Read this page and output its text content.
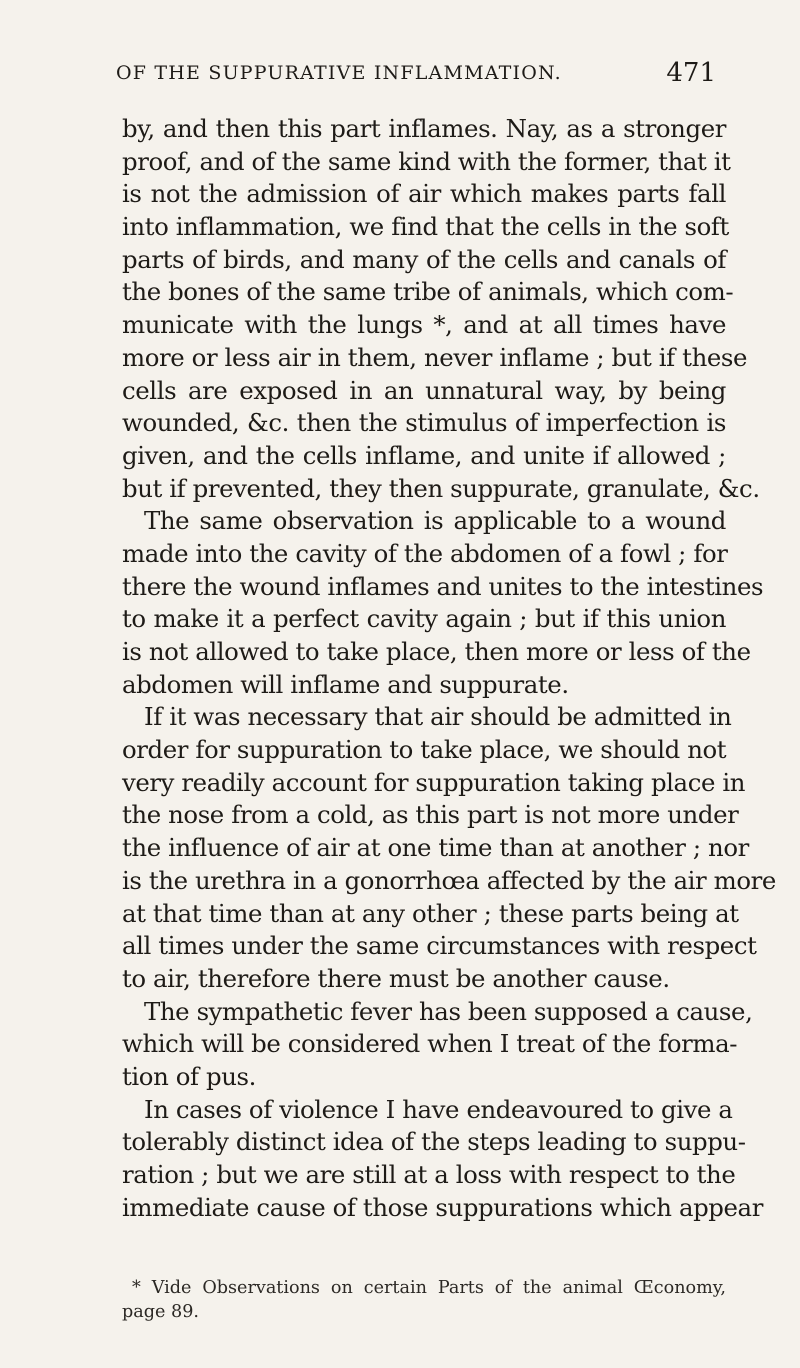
OF THE SUPPURATIVE INFLAMMATION.	471
by, and then this part inflames. Nay, as a stronger
proof, and of the same kind with the former, that it
is not the admission of air which makes parts fall
into inflammation, we find that the cells in the soft
parts of birds, and many of the cells and canals of
the bones of the same tribe of animals, which com-
municate with the lungs *, and at all times have
more or less air in them, never inflame ; but if these
cells are exposed in an unnatural way, by being
wounded, &c. then the stimulus of imperfection is
given, and the cells inflame, and unite if allowed ;
but if prevented, they then suppurate, granulate, &c.
The same observation is applicable to a wound
made into the cavity of the abdomen of a fowl ; for
there the wound inflames and unites to the intestines
to make it a perfect cavity again ; but if this union
is not allowed to take place, then more or less of the
abdomen will inflame and suppurate.
If it was necessary that air should be admitted in
order for suppuration to take place, we should not
very readily account for suppuration taking place in
the nose from a cold, as this part is not more under
the influence of air at one time than at another ; nor
is the urethra in a gonorrhœa affected by the air more
at that time than at any other ; these parts being at
all times under the same circumstances with respect
to air, therefore there must be another cause.
The sympathetic fever has been supposed a cause,
which will be considered when I treat of the forma-
tion of pus.
In cases of violence I have endeavoured to give a
tolerably distinct idea of the steps leading to suppu-
ration ; but we are still at a loss with respect to the
immediate cause of those suppurations which appear
* Vide Observations on certain Parts of the animal Œconomy,
page 89.
